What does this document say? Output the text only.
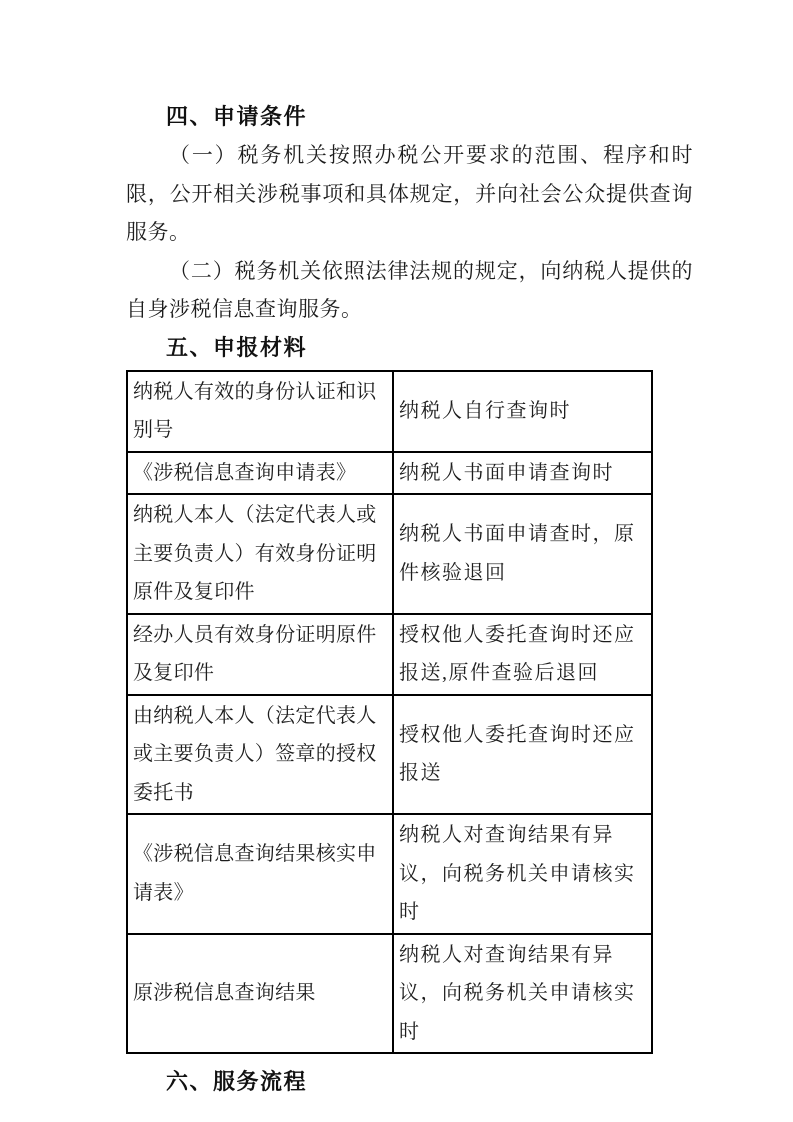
四、申请条件

（一）税务机关按照办税公开要求的范围、程序和时限，公开相关涉税事项和具体规定，并向社会公众提供查询服务。

（二）税务机关依照法律法规的规定，向纳税人提供的自身涉税信息查询服务。

五、申报材料
纳税人有效的身份认证和识别号	纳税人自行查询时
《涉税信息查询申请表》	纳税人书面申请查询时
纳税人本人（法定代表人或主要负责人）有效身份证明原件及复印件	纳税人书面申请查时，原件核验退回
经办人员有效身份证明原件及复印件	授权他人委托查询时还应报送,原件查验后退回
由纳税人本人（法定代表人或主要负责人）签章的授权委托书	授权他人委托查询时还应报送
《涉税信息查询结果核实申请表》	纳税人对查询结果有异议，向税务机关申请核实时
原涉税信息查询结果	纳税人对查询结果有异议，向税务机关申请核实时
六、服务流程
